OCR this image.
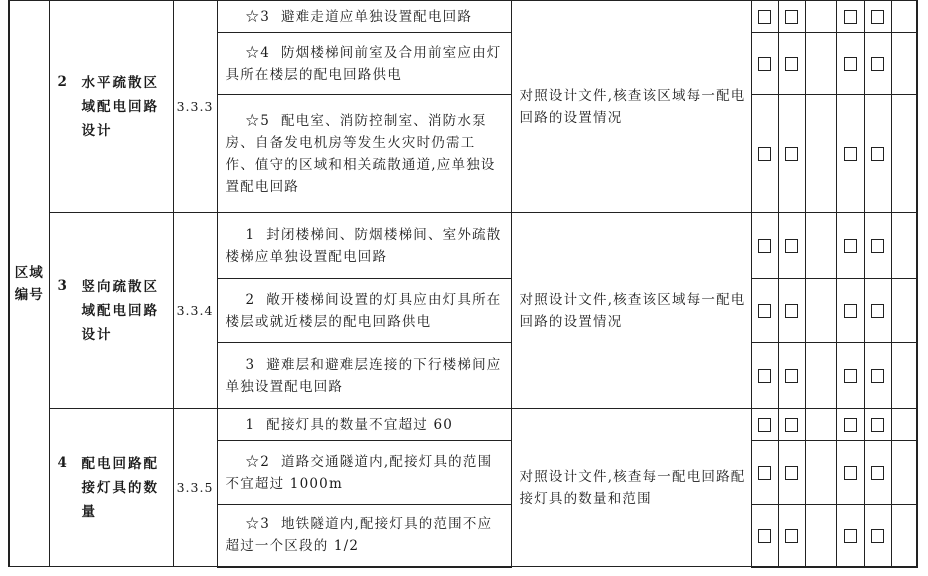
区域
编号	2 水平疏散区域配电回路设计	3.3.3	☆3 避难走道应单独设置配电回路	对照设计文件,核查该区域每一配电回路的设置情况						
			☆4 防烟楼梯间前室及合用前室应由灯具所在楼层的配电回路供电							
			☆5 配电室、消防控制室、消防水泵房、自备发电机房等发生火灾时仍需工作、值守的区域和相关疏散通道,应单独设置配电回路							

	3 竖向疏散区域配电回路设计	3.3.4	1 封闭楼梯间、防烟楼梯间、室外疏散楼梯应单独设置配电回路	对照设计文件,核查该区域每一配电回路的设置情况						
			2 敞开楼梯间设置的灯具应由灯具所在楼层或就近楼层的配电回路供电							
			3 避难层和避难层连接的下行楼梯间应单独设置配电回路							

	4 配电回路配接灯具的数量	3.3.5	1 配接灯具的数量不宜超过 60	对照设计文件,核查每一配电回路配接灯具的数量和范围						
			☆2 道路交通隧道内,配接灯具的范围不宜超过 1000m							
			☆3 地铁隧道内,配接灯具的范围不应超过一个区段的 1/2							
